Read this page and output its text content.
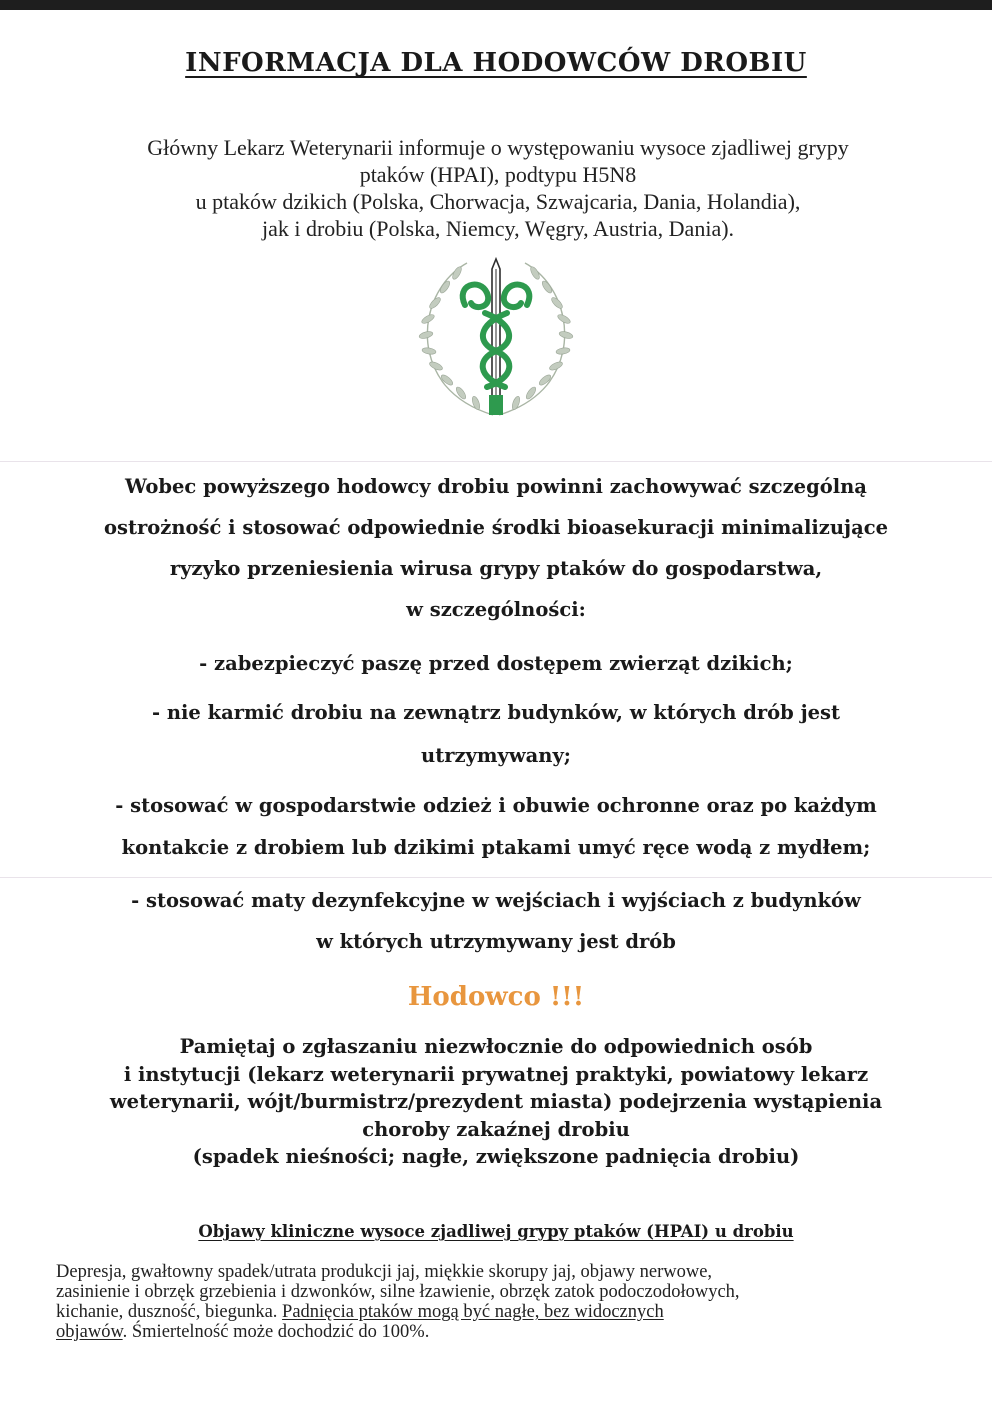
INFORMACJA DLA HODOWCÓW DROBIU
Główny Lekarz Weterynarii informuje o występowaniu wysoce zjadliwej grypy
ptaków (HPAI), podtypu H5N8
u ptaków dzikich (Polska, Chorwacja, Szwajcaria, Dania, Holandia),
jak i drobiu (Polska, Niemcy, Węgry, Austria, Dania).
Wobec powyższego hodowcy drobiu powinni zachowywać szczególną
ostrożność i stosować odpowiednie środki bioasekuracji minimalizujące
ryzyko przeniesienia wirusa grypy ptaków do gospodarstwa,
w szczególności:
- zabezpieczyć paszę przed dostępem zwierząt dzikich;
- nie karmić drobiu na zewnątrz budynków, w których drób jest
utrzymywany;
- stosować w gospodarstwie odzież i obuwie ochronne oraz po każdym
kontakcie z drobiem lub dzikimi ptakami umyć ręce wodą z mydłem;
- stosować maty dezynfekcyjne w wejściach i wyjściach z budynków
w których utrzymywany jest drób
Hodowco !!!
Pamiętaj o zgłaszaniu niezwłocznie do odpowiednich osób
i instytucji (lekarz weterynarii prywatnej praktyki, powiatowy lekarz
weterynarii, wójt/burmistrz/prezydent miasta) podejrzenia wystąpienia
choroby zakaźnej drobiu
(spadek nieśności; nagłe, zwiększone padnięcia drobiu)
Objawy kliniczne wysoce zjadliwej grypy ptaków (HPAI) u drobiu
Depresja, gwałtowny spadek/utrata produkcji jaj, miękkie skorupy jaj, objawy nerwowe,
zasinienie i obrzęk grzebienia i dzwonków, silne łzawienie, obrzęk zatok podoczodołowych,
kichanie, duszność, biegunka. Padnięcia ptaków mogą być nagłe, bez widocznych
objawów. Śmiertelność może dochodzić do 100%.
